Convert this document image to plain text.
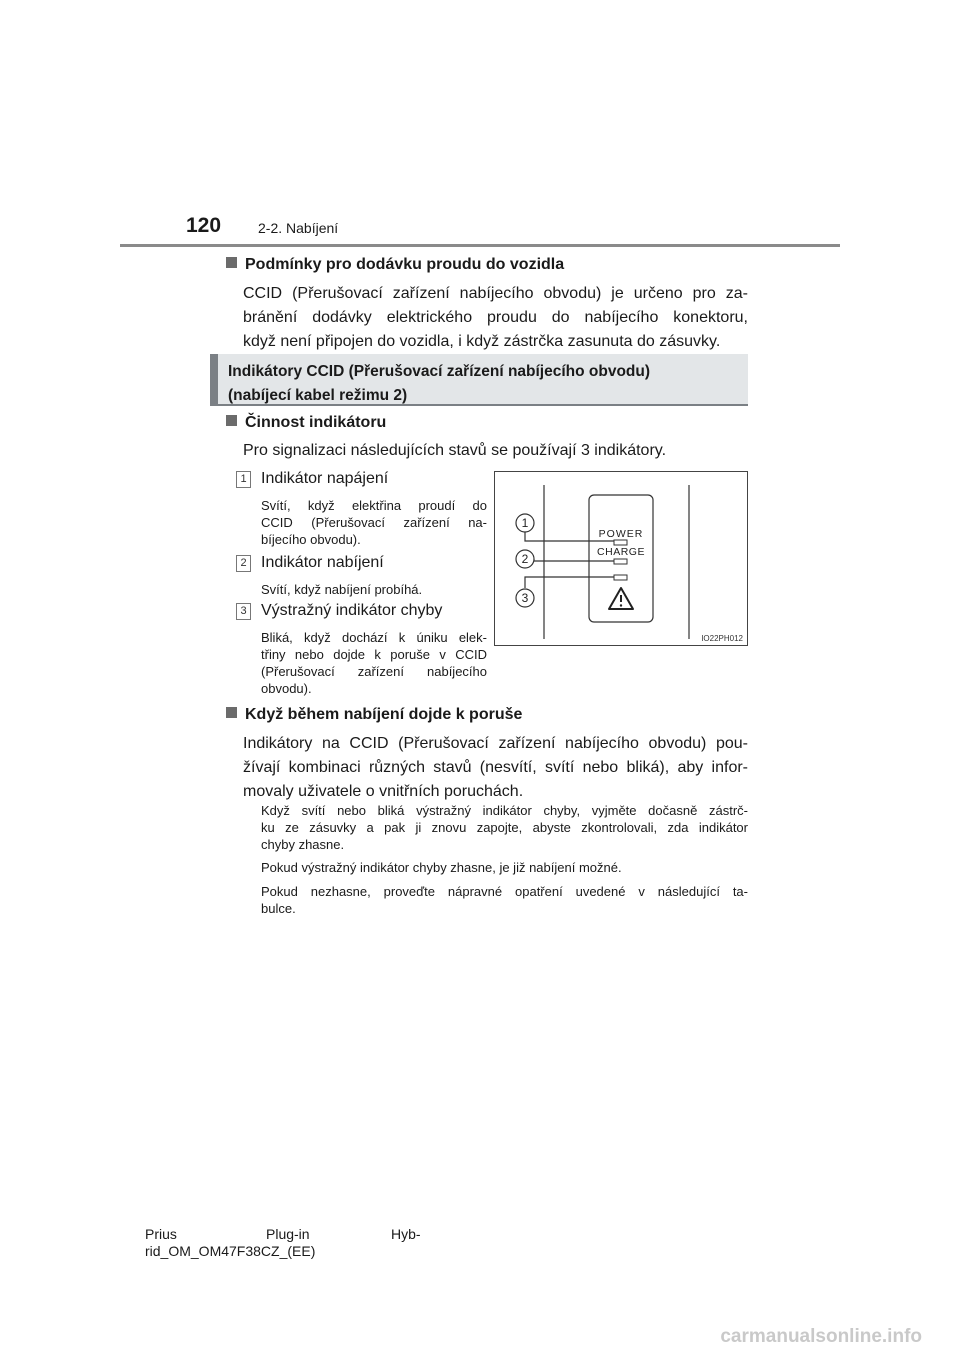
120	2-2. Nabíjení
Podmínky pro dodávku proudu do vozidla
CCID (Přerušovací zařízení nabíjecího obvodu) je určeno pro za-
bránění dodávky elektrického proudu do nabíjecího konektoru,
když není připojen do vozidla, i když zástrčka zasunuta do zásuvky.
Indikátory CCID (Přerušovací zařízení nabíjecího obvodu)
(nabíjecí kabel režimu 2)
Činnost indikátoru
Pro signalizaci následujících stavů se používají 3 indikátory.
1 Indikátor napájení
Svítí, když elektřina proudí do
CCID (Přerušovací zařízení na-
bíjecího obvodu).
2 Indikátor nabíjení
Svítí, když nabíjení probíhá.
3 Výstražný indikátor chyby
Bliká, když dochází k úniku elek-
třiny nebo dojde k poruše v CCID
(Přerušovací zařízení nabíjecího
obvodu).
POWER
CHARGE
1
2
3
IO22PH012
Když během nabíjení dojde k poruše
Indikátory na CCID (Přerušovací zařízení nabíjecího obvodu) pou-
žívají kombinaci různých stavů (nesvítí, svítí nebo bliká), aby infor-
movaly uživatele o vnitřních poruchách.
Když svítí nebo bliká výstražný indikátor chyby, vyjměte dočasně zástrč-
ku ze zásuvky a pak ji znovu zapojte, abyste zkontrolovali, zda indikátor
chyby zhasne.
Pokud výstražný indikátor chyby zhasne, je již nabíjení možné.
Pokud nezhasne, proveďte nápravné opatření uvedené v následující ta-
bulce.
Prius	Plug-in	Hyb-
rid_OM_OM47F38CZ_(EE)
carmanualsonline.info
